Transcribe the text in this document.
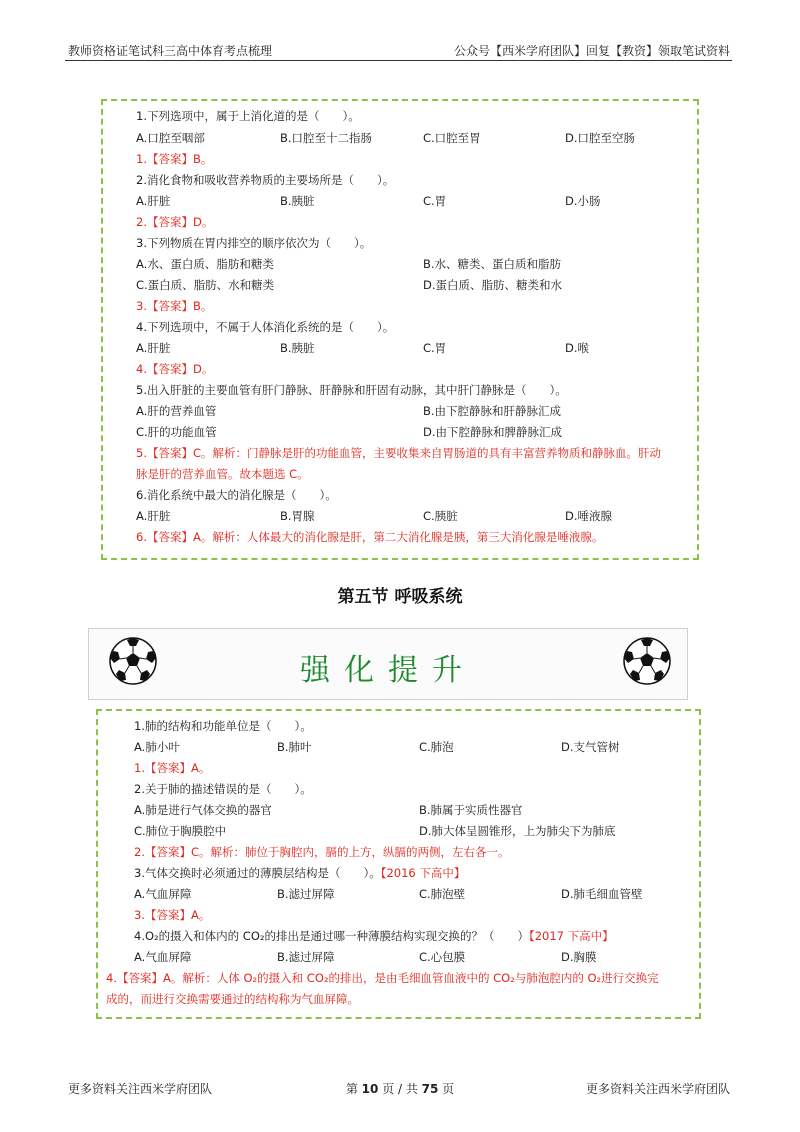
教师资格证笔试科三高中体育考点梳理	公众号【西米学府团队】回复【教资】领取笔试资料
1.下列选项中，属于上消化道的是（　　）。
A.口腔至咽部	B.口腔至十二指肠	C.口腔至胃	D.口腔至空肠
1.【答案】B。
2.消化食物和吸收营养物质的主要场所是（　　）。
A.肝脏	B.胰脏	C.胃	D.小肠
2.【答案】D。
3.下列物质在胃内排空的顺序依次为（　　）。
A.水、蛋白质、脂肪和糖类	B.水、糖类、蛋白质和脂肪
C.蛋白质、脂肪、水和糖类	D.蛋白质、脂肪、糖类和水
3.【答案】B。
4.下列选项中，不属于人体消化系统的是（　　）。
A.肝脏	B.胰脏	C.胃	D.喉
4.【答案】D。
5.出入肝脏的主要血管有肝门静脉、肝静脉和肝固有动脉，其中肝门静脉是（　　）。
A.肝的营养血管	B.由下腔静脉和肝静脉汇成
C.肝的功能血管	D.由下腔静脉和脾静脉汇成
5.【答案】C。解析：门静脉是肝的功能血管，主要收集来自胃肠道的具有丰富营养物质和静脉血。肝动
脉是肝的营养血管。故本题选 C。
6.消化系统中最大的消化腺是（　　）。
A.肝脏	B.胃腺	C.胰脏	D.唾液腺
6.【答案】A。解析：人体最大的消化腺是肝，第二大消化腺是胰，第三大消化腺是唾液腺。
第五节 呼吸系统
强化提升
1.肺的结构和功能单位是（　　）。
A.肺小叶	B.肺叶	C.肺泡	D.支气管树
1.【答案】A。
2.关于肺的描述错误的是（　　）。
A.肺是进行气体交换的器官	B.肺属于实质性器官
C.肺位于胸膜腔中	D.肺大体呈圆锥形，上为肺尖下为肺底
2.【答案】C。解析：肺位于胸腔内，膈的上方，纵膈的两侧，左右各一。
3.气体交换时必须通过的薄膜层结构是（　　）。【2016 下高中】
A.气血屏障	B.滤过屏障	C.肺泡壁	D.肺毛细血管壁
3.【答案】A。
4.O₂的摄入和体内的 CO₂的排出是通过哪一种薄膜结构实现交换的？（　　）【2017 下高中】
A.气血屏障	B.滤过屏障	C.心包膜	D.胸膜
4.【答案】A。解析：人体 O₂的摄入和 CO₂的排出，是由毛细血管血液中的 CO₂与肺泡腔内的 O₂进行交换完
成的，而进行交换需要通过的结构称为气血屏障。
更多资料关注西米学府团队	第 10 页 / 共 75 页	更多资料关注西米学府团队
